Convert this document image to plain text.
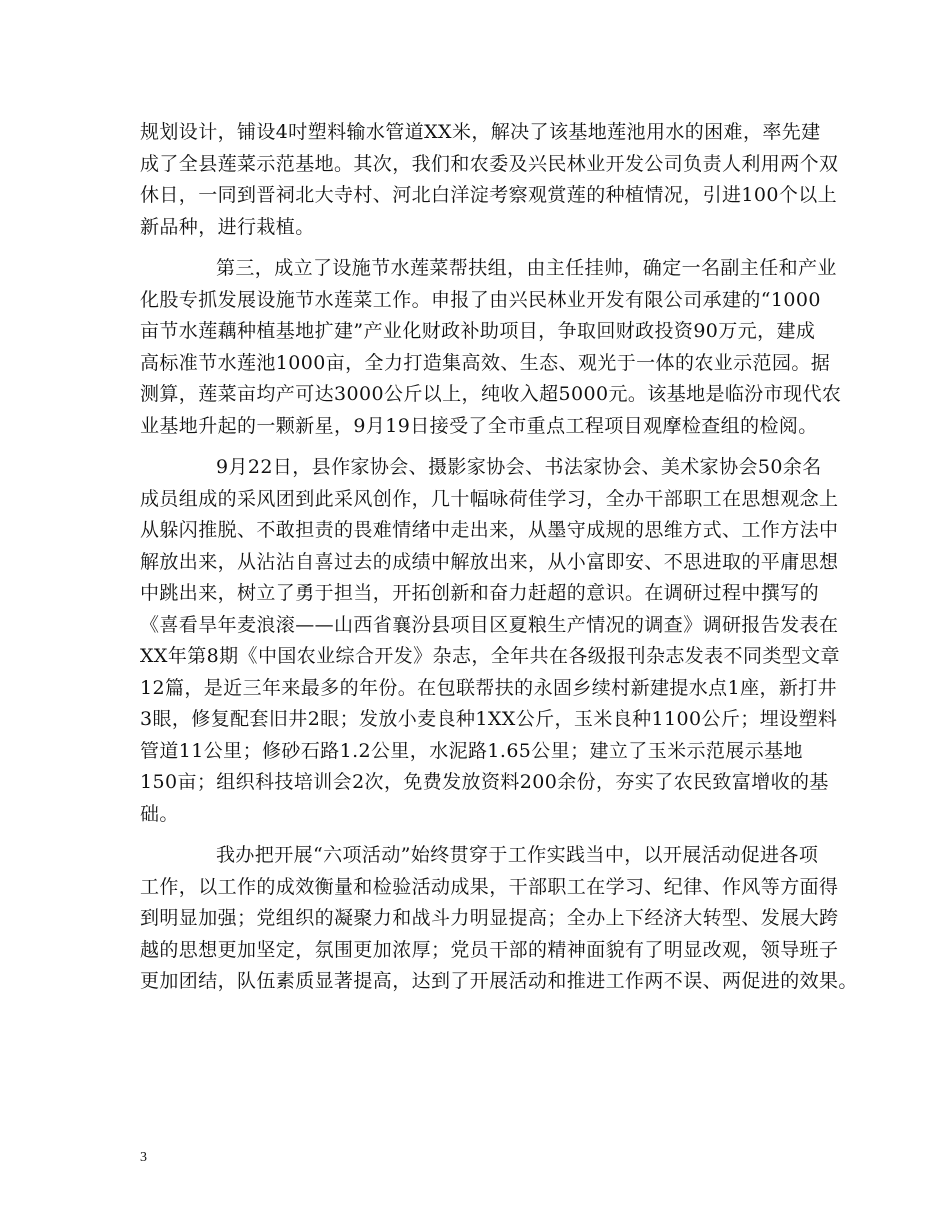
规划设计，铺设4吋塑料输水管道XX米，解决了该基地莲池用水的困难，率先建
成了全县莲菜示范基地。其次，我们和农委及兴民林业开发公司负责人利用两个双
休日，一同到晋祠北大寺村、河北白洋淀考察观赏莲的种植情况，引进100个以上
新品种，进行栽植。

第三，成立了设施节水莲菜帮扶组，由主任挂帅，确定一名副主任和产业
化股专抓发展设施节水莲菜工作。申报了由兴民林业开发有限公司承建的“1000
亩节水莲藕种植基地扩建”产业化财政补助项目，争取回财政投资90万元，建成
高标准节水莲池1000亩，全力打造集高效、生态、观光于一体的农业示范园。据
测算，莲菜亩均产可达3000公斤以上，纯收入超5000元。该基地是临汾市现代农
业基地升起的一颗新星，9月19日接受了全市重点工程项目观摩检查组的检阅。

9月22日，县作家协会、摄影家协会、书法家协会、美术家协会50余名
成员组成的采风团到此采风创作，几十幅咏荷佳学习，全办干部职工在思想观念上
从躲闪推脱、不敢担责的畏难情绪中走出来，从墨守成规的思维方式、工作方法中
解放出来，从沾沾自喜过去的成绩中解放出来，从小富即安、不思进取的平庸思想
中跳出来，树立了勇于担当，开拓创新和奋力赶超的意识。在调研过程中撰写的
《喜看旱年麦浪滚——山西省襄汾县项目区夏粮生产情况的调查》调研报告发表在
XX年第8期《中国农业综合开发》杂志，全年共在各级报刊杂志发表不同类型文章
12篇，是近三年来最多的年份。在包联帮扶的永固乡续村新建提水点1座，新打井
3眼，修复配套旧井2眼；发放小麦良种1XX公斤，玉米良种1100公斤；埋设塑料
管道11公里；修砂石路1.2公里，水泥路1.65公里；建立了玉米示范展示基地
150亩；组织科技培训会2次，免费发放资料200余份，夯实了农民致富增收的基
础。

我办把开展“六项活动”始终贯穿于工作实践当中，以开展活动促进各项
工作，以工作的成效衡量和检验活动成果，干部职工在学习、纪律、作风等方面得
到明显加强；党组织的凝聚力和战斗力明显提高；全办上下经济大转型、发展大跨
越的思想更加坚定，氛围更加浓厚；党员干部的精神面貌有了明显改观，领导班子
更加团结，队伍素质显著提高，达到了开展活动和推进工作两不误、两促进的效果。

3
